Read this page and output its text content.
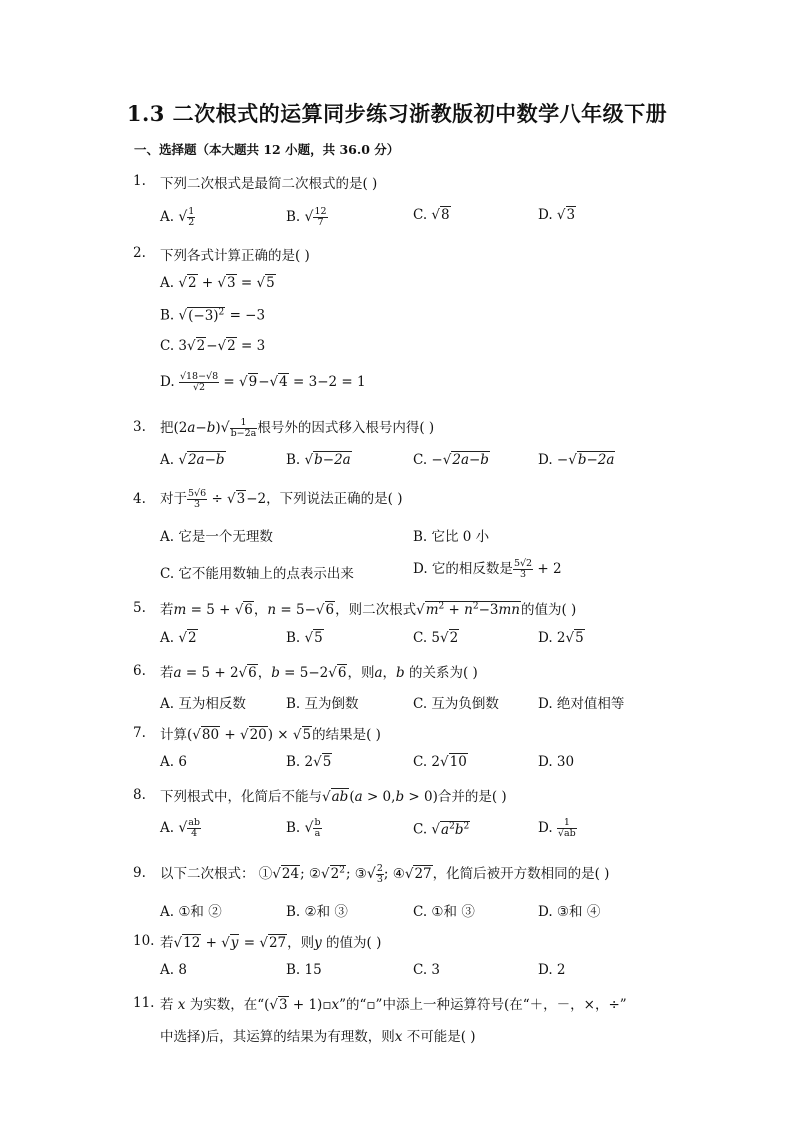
1.3 二次根式的运算同步练习浙教版初中数学八年级下册
一、选择题（本大题共 12 小题，共 36.0 分）
1. 下列二次根式是最简二次根式的是( )
A. √ $\frac{1}{2}$	B. √ $\frac{12}{7}$	C. √8	D. √3
2. 下列各式计算正确的是( )
A. √2 + √3 = √5
B. $√(-3)^2 = -3$
C. 3√2−√2 = 3
D. $\frac{√18-√8}{√2} = √9-√4 = 3-2 = 1$
3. 把$(2a-b)√ \frac{1}{b-2a}$ 根号外的因式移入根号内得( )
A. √2a−b	B. √b−2a	C. −√2a−b	D. −√b−2a
4. 对于 $\frac{5√6}{3} \div √3-2$，下列说法正确的是( )
A. 它是一个无理数	B. 它比 0 小
C. 它不能用数轴上的点表示出来	D. 它的相反数是 $\frac{5√2}{3} + 2$
5. 若m = 5 + √6，n = 5−√6，则二次根式$√m^2 + n^2-3mn$的值为( )
A. √2	B. √5	C. 5√2	D. 2√5
6. 若a = 5 + 2√6，b = 5−2√6，则a，b 的关系为( )
A. 互为相反数	B. 互为倒数	C. 互为负倒数	D. 绝对值相等
7. 计算(√80 + √20) × √5的结果是( )
A. 6	B. 2√5	C. 2√10	D. 30
8. 下列根式中，化简后不能与√ab(a > 0,b > 0)合并的是( )
A. √ $\frac{ab}{4}$	B. √ $\frac{b}{a}$	C. $√a^2b^2$	D. $\frac{1}{√ab}$
9. 以下二次根式： ①√24; $②√2^2$; ③√ $\frac{2}{3}$ ; ④√27，化简后被开方数相同的是( )
A. ①和 ②	B. ②和 ③	C. ①和 ③	D. ③和 ④
10. 若√12 + √y = √27，则y 的值为( )
A. 8	B. 15	C. 3	D. 2
11. 若 x 为实数，在“(√3 + 1)▫x”的“▫”中添上一种运算符号(在“＋，－，×，÷”
中选择)后，其运算的结果为有理数，则x 不可能是( )
